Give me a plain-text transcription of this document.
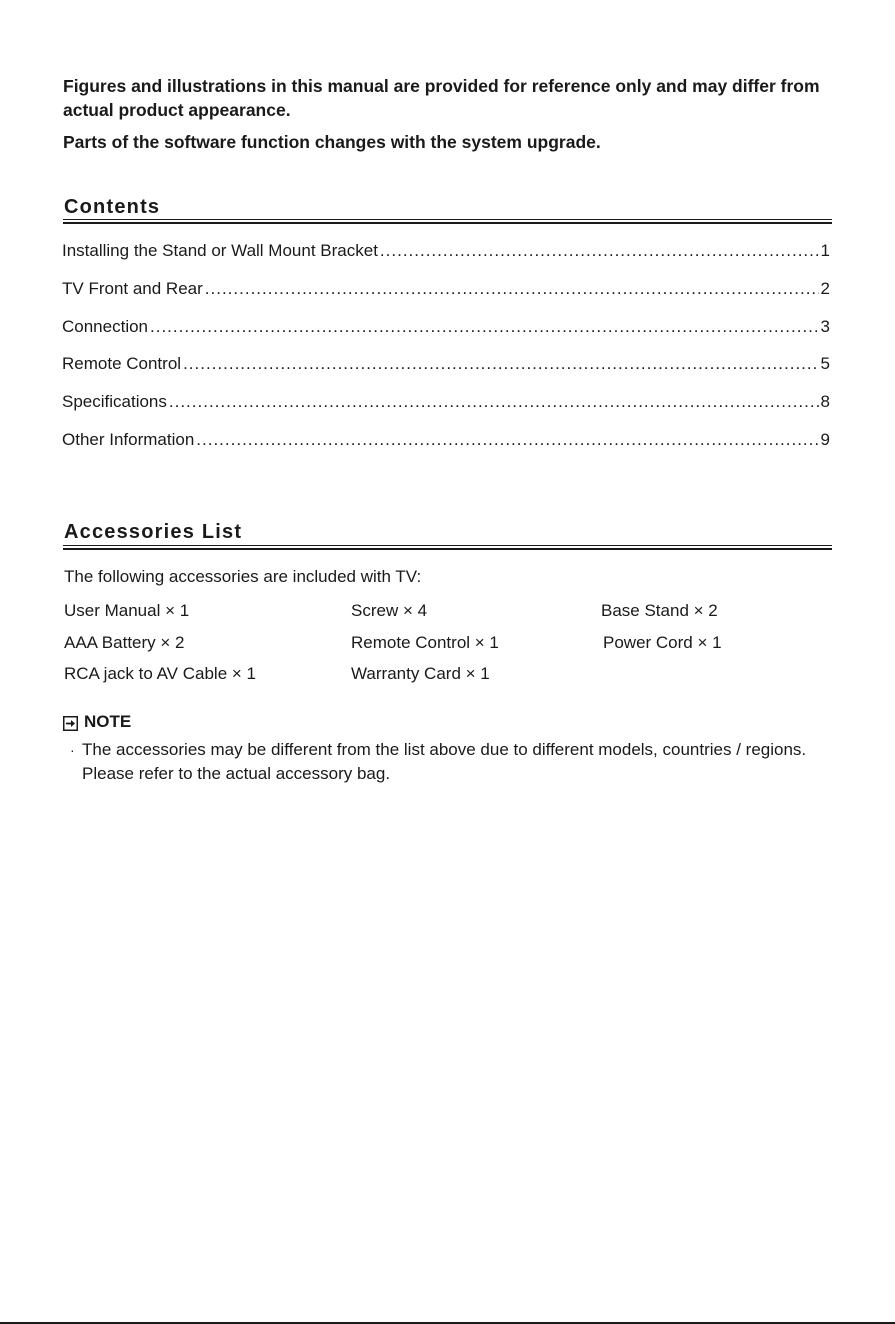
Figures and illustrations in this manual are provided for reference only and may differ from actual product appearance.

Parts of the software function changes with the system upgrade.

Contents
Installing the Stand or Wall Mount Bracket .....	1
TV Front and Rear .....	2
Connection .....	3
Remote Control .....	5
Specifications .....	8
Other Information .....	9
Accessories List
The following accessories are included with TV:
User Manual × 1	Screw × 4	Base Stand × 2
AAA Battery × 2	Remote Control × 1	Power Cord × 1
RCA jack to AV Cable × 1	Warranty Card × 1
NOTE
· The accessories may be different from the list above due to different models, countries / regions. Please refer to the actual accessory bag.
